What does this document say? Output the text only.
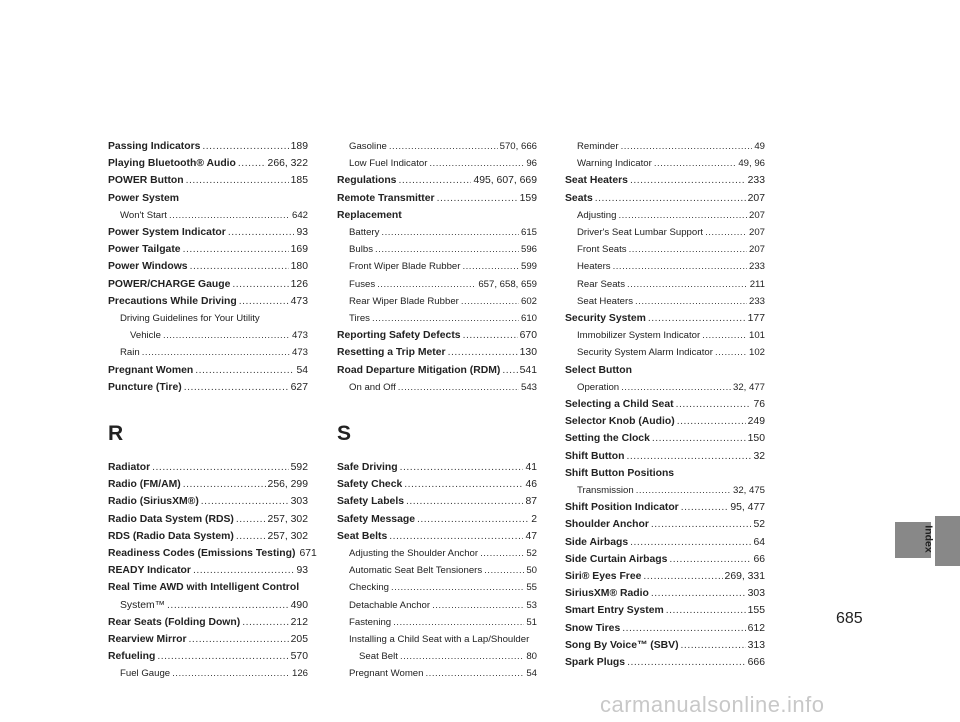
Passing Indicators .....	189
Playing Bluetooth® Audio .....	266, 322
POWER Button .....	185
Power System
Won't Start .....	642
Power System Indicator .....	93
Power Tailgate .....	169
Power Windows .....	180
POWER/CHARGE Gauge .....	126
Precautions While Driving .....	473
Driving Guidelines for Your Utility
Vehicle .....	473
Rain .....	473
Pregnant Women .....	54
Puncture (Tire) .....	627
R
Radiator .....	592
Radio (FM/AM) .....	256, 299
Radio (SiriusXM®) .....	303
Radio Data System (RDS) .....	257, 302
RDS (Radio Data System) .....	257, 302
Readiness Codes (Emissions Testing) 671
READY Indicator .....	93
Real Time AWD with Intelligent Control
System™ .....	490
Rear Seats (Folding Down) .....	212
Rearview Mirror .....	205
Refueling .....	570
Fuel Gauge .....	126
Gasoline .....	570, 666
Low Fuel Indicator .....	96
Regulations .....	495, 607, 669
Remote Transmitter .....	159
Replacement
Battery .....	615
Bulbs .....	596
Front Wiper Blade Rubber .....	599
Fuses .....	657, 658, 659
Rear Wiper Blade Rubber .....	602
Tires .....	610
Reporting Safety Defects .....	670
Resetting a Trip Meter .....	130
Road Departure Mitigation (RDM) ..... 541
On and Off .....	543
S
Safe Driving .....	41
Safety Check .....	46
Safety Labels .....	87
Safety Message .....	2
Seat Belts .....	47
Adjusting the Shoulder Anchor .....	52
Automatic Seat Belt Tensioners .....	50
Checking .....	55
Detachable Anchor .....	53
Fastening .....	51
Installing a Child Seat with a Lap/Shoulder
Seat Belt .....	80
Pregnant Women .....	54
Reminder .....	49
Warning Indicator .....	49, 96
Seat Heaters .....	233
Seats .....	207
Adjusting .....	207
Driver's Seat Lumbar Support .....	207
Front Seats .....	207
Heaters .....	233
Rear Seats .....	211
Seat Heaters .....	233
Security System .....	177
Immobilizer System Indicator .....	101
Security System Alarm Indicator .....	102
Select Button
Operation .....	32, 477
Selecting a Child Seat .....	76
Selector Knob (Audio) .....	249
Setting the Clock .....	150
Shift Button .....	32
Shift Button Positions
Transmission .....	32, 475
Shift Position Indicator .....	95, 477
Shoulder Anchor .....	52
Side Airbags .....	64
Side Curtain Airbags .....	66
Siri® Eyes Free .....	269, 331
SiriusXM® Radio .....	303
Smart Entry System .....	155
Snow Tires .....	612
Song By Voice™ (SBV) .....	313
Spark Plugs .....	666
Index
685
carmanualsonline.info
